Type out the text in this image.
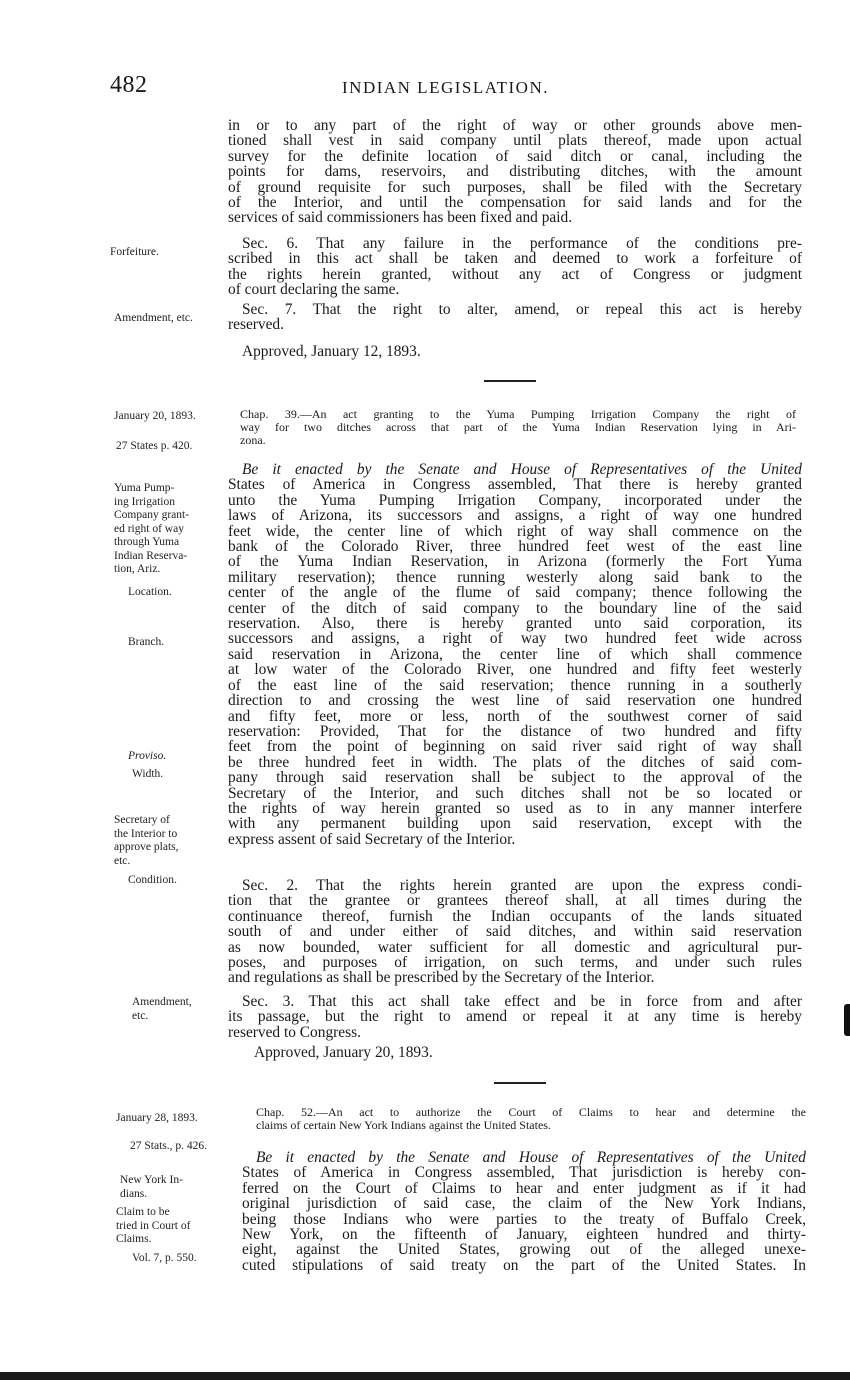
482	INDIAN LEGISLATION.
in or to any part of the right of way or other grounds above men-
tioned shall vest in said company until plats thereof, made upon actual
survey for the definite location of said ditch or canal, including the
points for dams, reservoirs, and distributing ditches, with the amount
of ground requisite for such purposes, shall be filed with the Secretary
of the Interior, and until the compensation for said lands and for the
services of said commissioners has been fixed and paid.
Forfeiture.	Sec. 6. That any failure in the performance of the conditions pre-
scribed in this act shall be taken and deemed to work a forfeiture of
the rights herein granted, without any act of Congress or judgment
of court declaring the same.
Amendment, etc.	Sec. 7. That the right to alter, amend, or repeal this act is hereby
reserved.
Approved, January 12, 1893.
January 20, 1893.
27 States p. 420.
Chap. 39.—An act granting to the Yuma Pumping Irrigation Company the right of
way for two ditches across that part of the Yuma Indian Reservation lying in Ari-
zona.
Yuma Pump-
ing Irrigation
Company grant-
ed right of way
through Yuma
Indian Reserva-
tion, Ariz.
Location.
Branch.
Proviso.
Width.
Secretary of
the Interior to
approve plats,
etc.
Condition.
Amendment,
etc.
Be it enacted by the Senate and House of Representatives of the United
States of America in Congress assembled, That there is hereby granted
unto the Yuma Pumping Irrigation Company, incorporated under the
laws of Arizona, its successors and assigns, a right of way one hundred
feet wide, the center line of which right of way shall commence on the
bank of the Colorado River, three hundred feet west of the east line
of the Yuma Indian Reservation, in Arizona (formerly the Fort Yuma
military reservation); thence running westerly along said bank to the
center of the angle of the flume of said company; thence following the
center of the ditch of said company to the boundary line of the said
reservation. Also, there is hereby granted unto said corporation, its
successors and assigns, a right of way two hundred feet wide across
said reservation in Arizona, the center line of which shall commence
at low water of the Colorado River, one hundred and fifty feet westerly
of the east line of the said reservation; thence running in a southerly
direction to and crossing the west line of said reservation one hundred
and fifty feet, more or less, north of the southwest corner of said
reservation: Provided, That for the distance of two hundred and fifty
feet from the point of beginning on said river said right of way shall
be three hundred feet in width. The plats of the ditches of said com-
pany through said reservation shall be subject to the approval of the
Secretary of the Interior, and such ditches shall not be so located or
the rights of way herein granted so used as to in any manner interfere
with any permanent building upon said reservation, except with the
express assent of said Secretary of the Interior.
Sec. 2. That the rights herein granted are upon the express condi-
tion that the grantee or grantees thereof shall, at all times during the
continuance thereof, furnish the Indian occupants of the lands situated
south of and under either of said ditches, and within said reservation
as now bounded, water sufficient for all domestic and agricultural pur-
poses, and purposes of irrigation, on such terms, and under such rules
and regulations as shall be prescribed by the Secretary of the Interior.
Sec. 3. That this act shall take effect and be in force from and after
its passage, but the right to amend or repeal it at any time is hereby
reserved to Congress.
Approved, January 20, 1893.
January 28, 1893.
27 Stats., p. 426.
Chap. 52.—An act to authorize the Court of Claims to hear and determine the
claims of certain New York Indians against the United States.
New York In-
dians.
Claim to be
tried in Court of
Claims.
Vol. 7, p. 550.
Be it enacted by the Senate and House of Representatives of the United
States of America in Congress assembled, That jurisdiction is hereby con-
ferred on the Court of Claims to hear and enter judgment as if it had
original jurisdiction of said case, the claim of the New York Indians,
being those Indians who were parties to the treaty of Buffalo Creek,
New York, on the fifteenth of January, eighteen hundred and thirty-
eight, against the United States, growing out of the alleged unexe-
cuted stipulations of said treaty on the part of the United States. In
